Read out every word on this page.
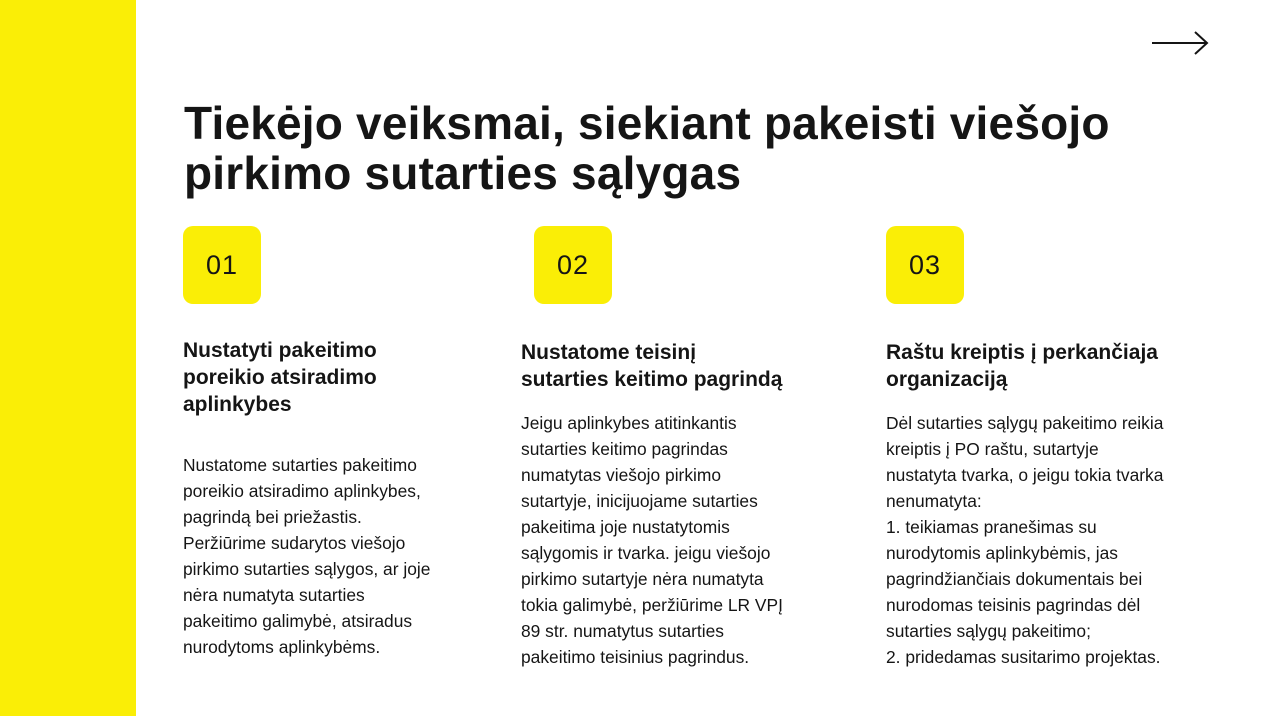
Tiekėjo veiksmai, siekiant pakeisti viešojo pirkimo sutarties sąlygas
01
Nustatyti pakeitimo
poreikio atsiradimo
aplinkybes

Nustatome sutarties pakeitimo
poreikio atsiradimo aplinkybes,
pagrindą bei priežastis.
Peržiūrime sudarytos viešojo
pirkimo sutarties sąlygos, ar joje
nėra numatyta sutarties
pakeitimo galimybė, atsiradus
nurodytoms aplinkybėms.

02
Nustatome teisinį
sutarties keitimo pagrindą

Jeigu aplinkybes atitinkantis
sutarties keitimo pagrindas
numatytas viešojo pirkimo
sutartyje, inicijuojame sutarties
pakeitima joje nustatytomis
sąlygomis ir tvarka. jeigu viešojo
pirkimo sutartyje nėra numatyta
tokia galimybė, peržiūrime LR VPĮ
89 str. numatytus sutarties
pakeitimo teisinius pagrindus.

03
Raštu kreiptis į perkančiaja
organizaciją

Dėl sutarties sąlygų pakeitimo reikia
kreiptis į PO raštu, sutartyje
nustatyta tvarka, o jeigu tokia tvarka
nenumatyta:
1. teikiamas pranešimas su
nurodytomis aplinkybėmis, jas
pagrindžiančiais dokumentais bei
nurodomas teisinis pagrindas dėl
sutarties sąlygų pakeitimo;
2. pridedamas susitarimo projektas.
